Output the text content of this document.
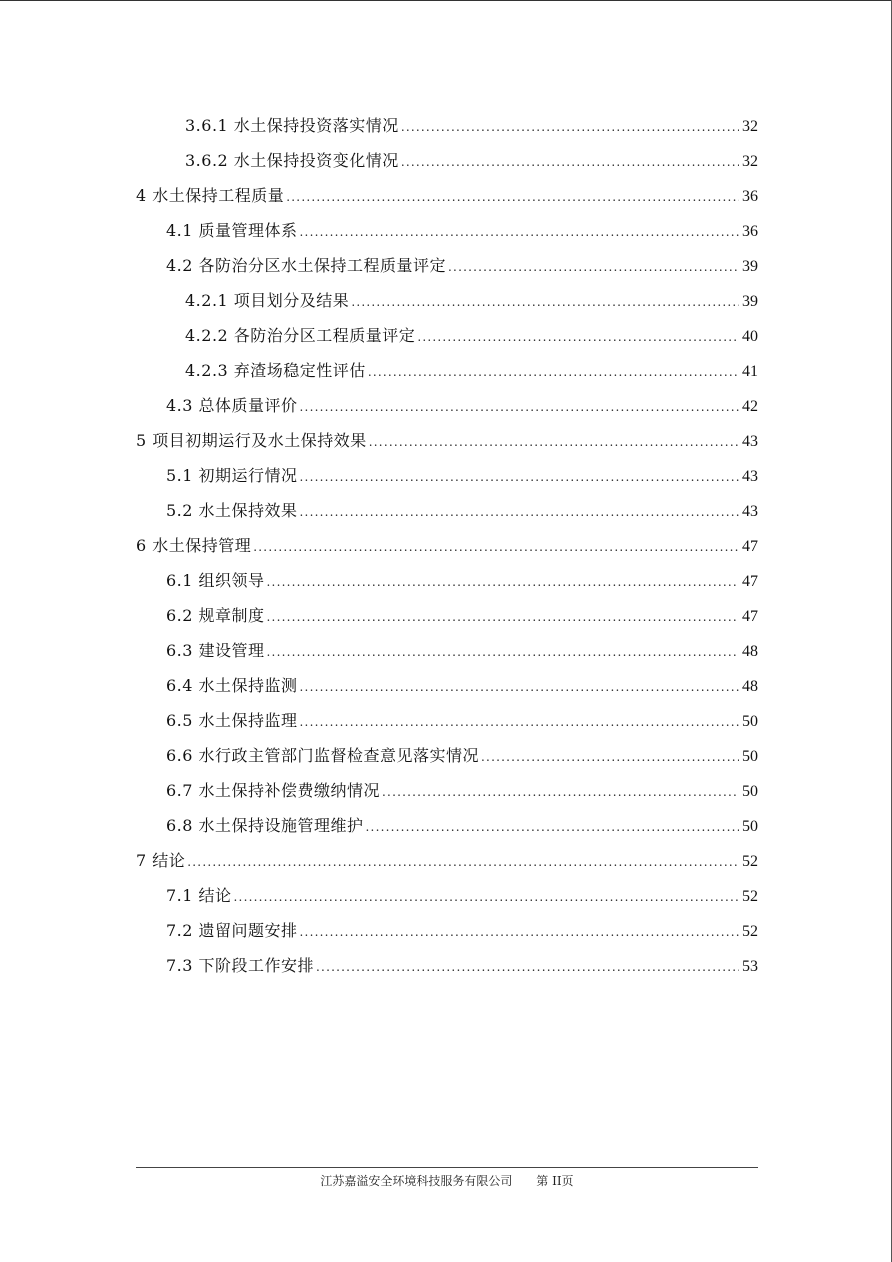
3.6.1 水土保持投资落实情况 .....	32
3.6.2 水土保持投资变化情况 .....	32
4 水土保持工程质量 .....	36
4.1 质量管理体系 .....	36
4.2 各防治分区水土保持工程质量评定 .....	39
4.2.1 项目划分及结果 .....	39
4.2.2 各防治分区工程质量评定 .....	40
4.2.3 弃渣场稳定性评估 .....	41
4.3 总体质量评价 .....	42
5 项目初期运行及水土保持效果 .....	43
5.1 初期运行情况 .....	43
5.2 水土保持效果 .....	43
6 水土保持管理 .....	47
6.1 组织领导 .....	47
6.2 规章制度 .....	47
6.3 建设管理 .....	48
6.4 水土保持监测 .....	48
6.5 水土保持监理 .....	50
6.6 水行政主管部门监督检查意见落实情况 .....	50
6.7 水土保持补偿费缴纳情况 .....	50
6.8 水土保持设施管理维护 .....	50
7 结论 .....	52
7.1 结论 .....	52
7.2 遗留问题安排 .....	52
7.3 下阶段工作安排 .....	53
江苏嘉溢安全环境科技服务有限公司 第 II页
